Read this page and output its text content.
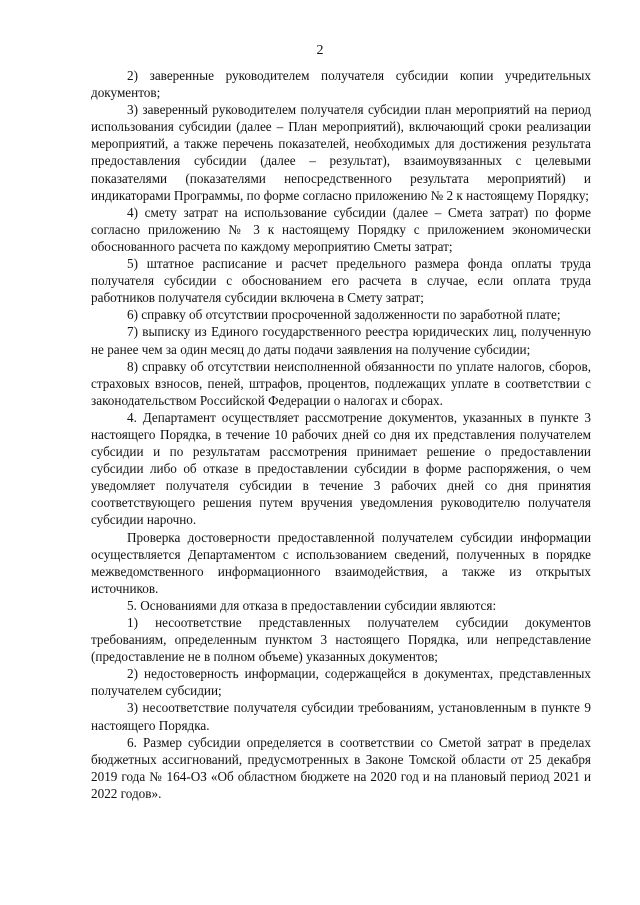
2

2) заверенные руководителем получателя субсидии копии учредительных документов;

3) заверенный руководителем получателя субсидии план мероприятий на период использования субсидии (далее – План мероприятий), включающий сроки реализации мероприятий, а также перечень показателей, необходимых для достижения результата предоставления субсидии (далее – результат), взаимоувязанных с целевыми показателями (показателями непосредственного результата мероприятий) и индикаторами Программы, по форме согласно приложению № 2 к настоящему Порядку;

4) смету затрат на использование субсидии (далее – Смета затрат) по форме согласно приложению № 3 к настоящему Порядку с приложением экономически обоснованного расчета по каждому мероприятию Сметы затрат;

5) штатное расписание и расчет предельного размера фонда оплаты труда получателя субсидии с обоснованием его расчета в случае, если оплата труда работников получателя субсидии включена в Смету затрат;

6) справку об отсутствии просроченной задолженности по заработной плате;

7) выписку из Единого государственного реестра юридических лиц, полученную не ранее чем за один месяц до даты подачи заявления на получение субсидии;

8) справку об отсутствии неисполненной обязанности по уплате налогов, сборов, страховых взносов, пеней, штрафов, процентов, подлежащих уплате в соответствии с законодательством Российской Федерации о налогах и сборах.

4. Департамент осуществляет рассмотрение документов, указанных в пункте 3 настоящего Порядка, в течение 10 рабочих дней со дня их представления получателем субсидии и по результатам рассмотрения принимает решение о предоставлении субсидии либо об отказе в предоставлении субсидии в форме распоряжения, о чем уведомляет получателя субсидии в течение 3 рабочих дней со дня принятия соответствующего решения путем вручения уведомления руководителю получателя субсидии нарочно.

Проверка достоверности предоставленной получателем субсидии информации осуществляется Департаментом с использованием сведений, полученных в порядке межведомственного информационного взаимодействия, а также из открытых источников.

5. Основаниями для отказа в предоставлении субсидии являются:

1) несоответствие представленных получателем субсидии документов требованиям, определенным пунктом 3 настоящего Порядка, или непредставление (предоставление не в полном объеме) указанных документов;

2) недостоверность информации, содержащейся в документах, представленных получателем субсидии;

3) несоответствие получателя субсидии требованиям, установленным в пункте 9 настоящего Порядка.

6. Размер субсидии определяется в соответствии со Сметой затрат в пределах бюджетных ассигнований, предусмотренных в Законе Томской области от 25 декабря 2019 года № 164-ОЗ «Об областном бюджете на 2020 год и на плановый период 2021 и 2022 годов».
